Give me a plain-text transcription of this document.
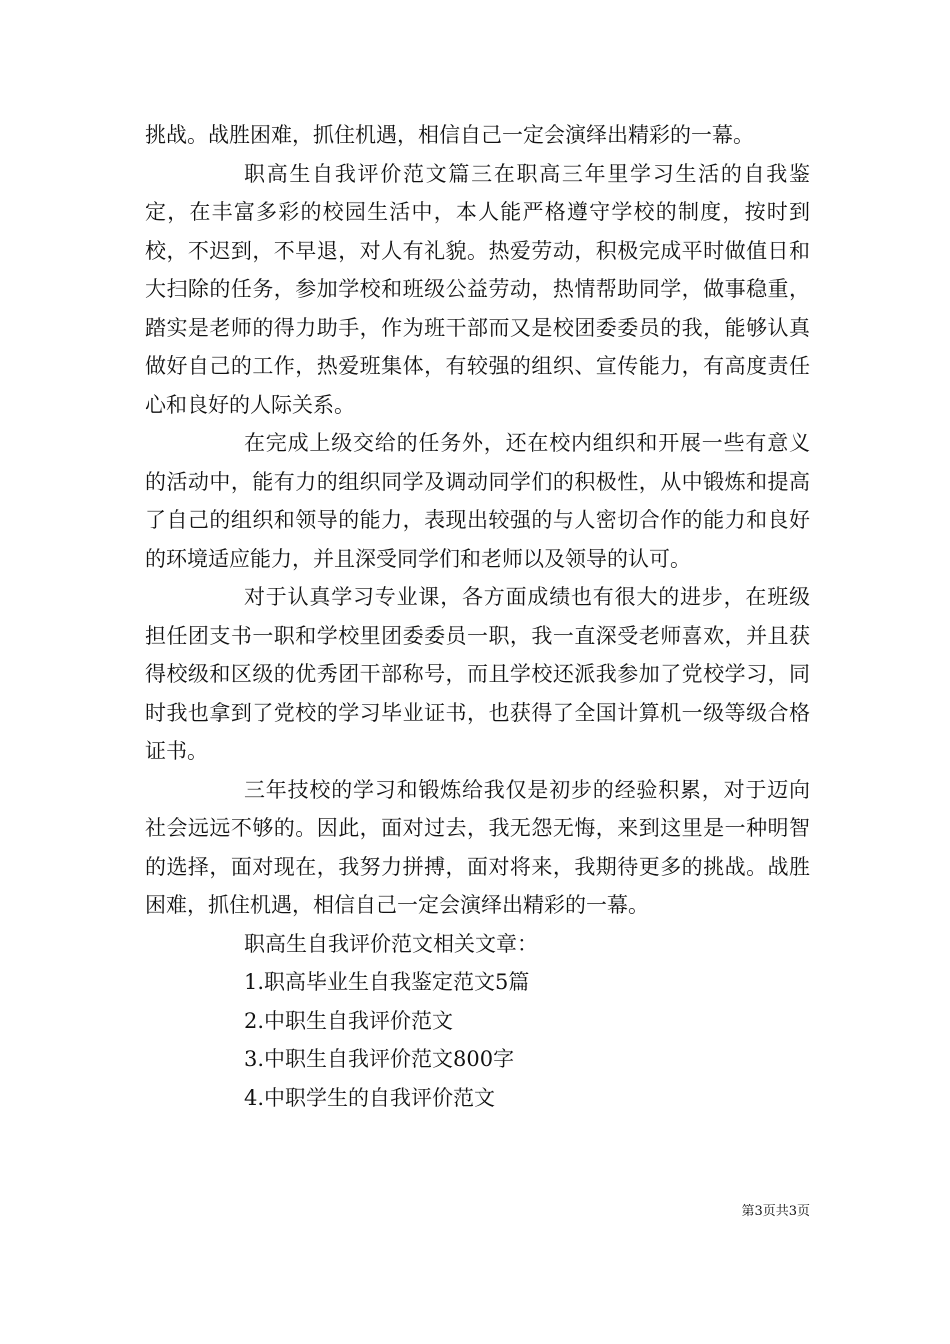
挑战。战胜困难，抓住机遇，相信自己一定会演绎出精彩的一幕。

职高生自我评价范文篇三在职高三年里学习生活的自我鉴定，在丰富多彩的校园生活中，本人能严格遵守学校的制度，按时到校，不迟到，不早退，对人有礼貌。热爱劳动，积极完成平时做值日和大扫除的任务，参加学校和班级公益劳动，热情帮助同学，做事稳重，踏实是老师的得力助手，作为班干部而又是校团委委员的我，能够认真做好自己的工作，热爱班集体，有较强的组织、宣传能力，有高度责任心和良好的人际关系。

在完成上级交给的任务外，还在校内组织和开展一些有意义的活动中，能有力的组织同学及调动同学们的积极性，从中锻炼和提高了自己的组织和领导的能力，表现出较强的与人密切合作的能力和良好的环境适应能力，并且深受同学们和老师以及领导的认可。

对于认真学习专业课，各方面成绩也有很大的进步，在班级担任团支书一职和学校里团委委员一职，我一直深受老师喜欢，并且获得校级和区级的优秀团干部称号，而且学校还派我参加了党校学习，同时我也拿到了党校的学习毕业证书，也获得了全国计算机一级等级合格证书。

三年技校的学习和锻炼给我仅是初步的经验积累，对于迈向社会远远不够的。因此，面对过去，我无怨无悔，来到这里是一种明智的选择，面对现在，我努力拼搏，面对将来，我期待更多的挑战。战胜困难，抓住机遇，相信自己一定会演绎出精彩的一幕。

职高生自我评价范文相关文章：

1.职高毕业生自我鉴定范文5篇

2.中职生自我评价范文

3.中职生自我评价范文800字

4.中职学生的自我评价范文

第3页共3页
